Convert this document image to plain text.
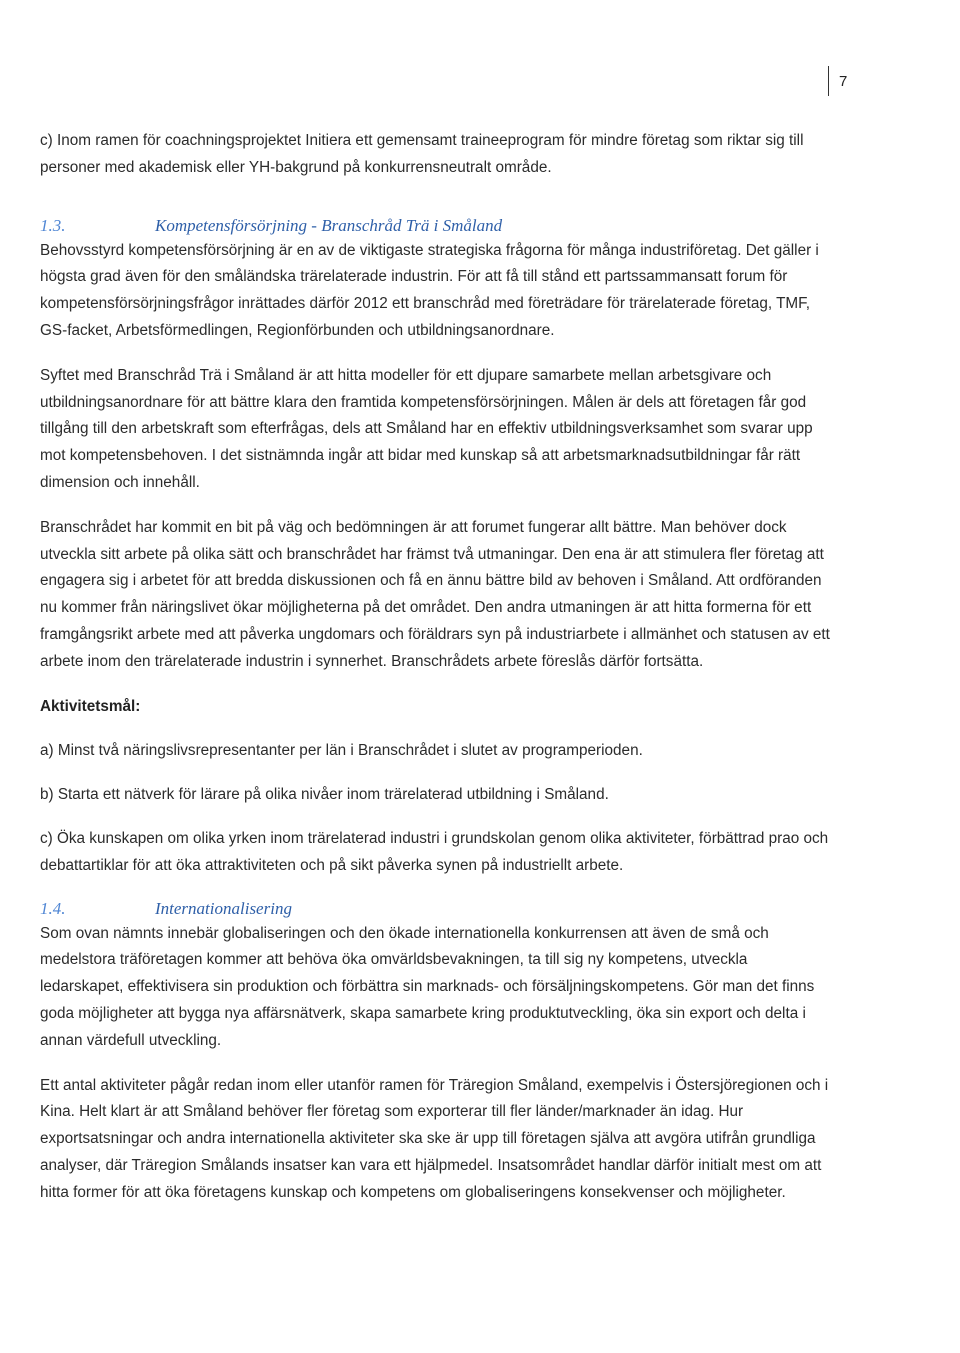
7

c) Inom ramen för coachningsprojektet Initiera ett gemensamt traineeprogram för mindre företag som riktar sig till personer med akademisk eller YH-bakgrund på konkurrensneutralt område.

1.3.	Kompetensförsörjning - Branschråd Trä i Småland

Behovsstyrd kompetensförsörjning är en av de viktigaste strategiska frågorna för många industriföretag. Det gäller i högsta grad även för den småländska trärelaterade industrin. För att få till stånd ett partssammansatt forum för kompetensförsörjningsfrågor inrättades därför 2012 ett branschråd med företrädare för trärelaterade företag, TMF, GS-facket, Arbetsförmedlingen, Regionförbunden och utbildningsanordnare.

Syftet med Branschråd Trä i Småland är att hitta modeller för ett djupare samarbete mellan arbetsgivare och utbildningsanordnare för att bättre klara den framtida kompetensförsörjningen. Målen är dels att företagen får god tillgång till den arbetskraft som efterfrågas, dels att Småland har en effektiv utbildningsverksamhet som svarar upp mot kompetensbehoven. I det sistnämnda ingår att bidar med kunskap så att arbetsmarknadsutbildningar får rätt dimension och innehåll.

Branschrådet har kommit en bit på väg och bedömningen är att forumet fungerar allt bättre. Man behöver dock utveckla sitt arbete på olika sätt och branschrådet har främst två utmaningar. Den ena är att stimulera fler företag att engagera sig i arbetet för att bredda diskussionen och få en ännu bättre bild av behoven i Småland. Att ordföranden nu kommer från näringslivet ökar möjligheterna på det området. Den andra utmaningen är att hitta formerna för ett framgångsrikt arbete med att påverka ungdomars och föräldrars syn på industriarbete i allmänhet och statusen av ett arbete inom den trärelaterade industrin i synnerhet. Branschrådets arbete föreslås därför fortsätta.

Aktivitetsmål:

a) Minst två näringslivsrepresentanter per län i Branschrådet i slutet av programperioden.

b) Starta ett nätverk för lärare på olika nivåer inom trärelaterad utbildning i Småland.

c) Öka kunskapen om olika yrken inom trärelaterad industri i grundskolan genom olika aktiviteter, förbättrad prao och debattartiklar för att öka attraktiviteten och på sikt påverka synen på industriellt arbete.

1.4.	Internationalisering

Som ovan nämnts innebär globaliseringen och den ökade internationella konkurrensen att även de små och medelstora träföretagen kommer att behöva öka omvärldsbevakningen, ta till sig ny kompetens, utveckla ledarskapet, effektivisera sin produktion och förbättra sin marknads- och försäljningskompetens. Gör man det finns goda möjligheter att bygga nya affärsnätverk, skapa samarbete kring produktutveckling, öka sin export och delta i annan värdefull utveckling.

Ett antal aktiviteter pågår redan inom eller utanför ramen för Träregion Småland, exempelvis i Östersjöregionen och i Kina. Helt klart är att Småland behöver fler företag som exporterar till fler länder/marknader än idag. Hur exportsatsningar och andra internationella aktiviteter ska ske är upp till företagen själva att avgöra utifrån grundliga analyser, där Träregion Smålands insatser kan vara ett hjälpmedel. Insatsområdet handlar därför initialt mest om att hitta former för att öka företagens kunskap och kompetens om globaliseringens konsekvenser och möjligheter.
